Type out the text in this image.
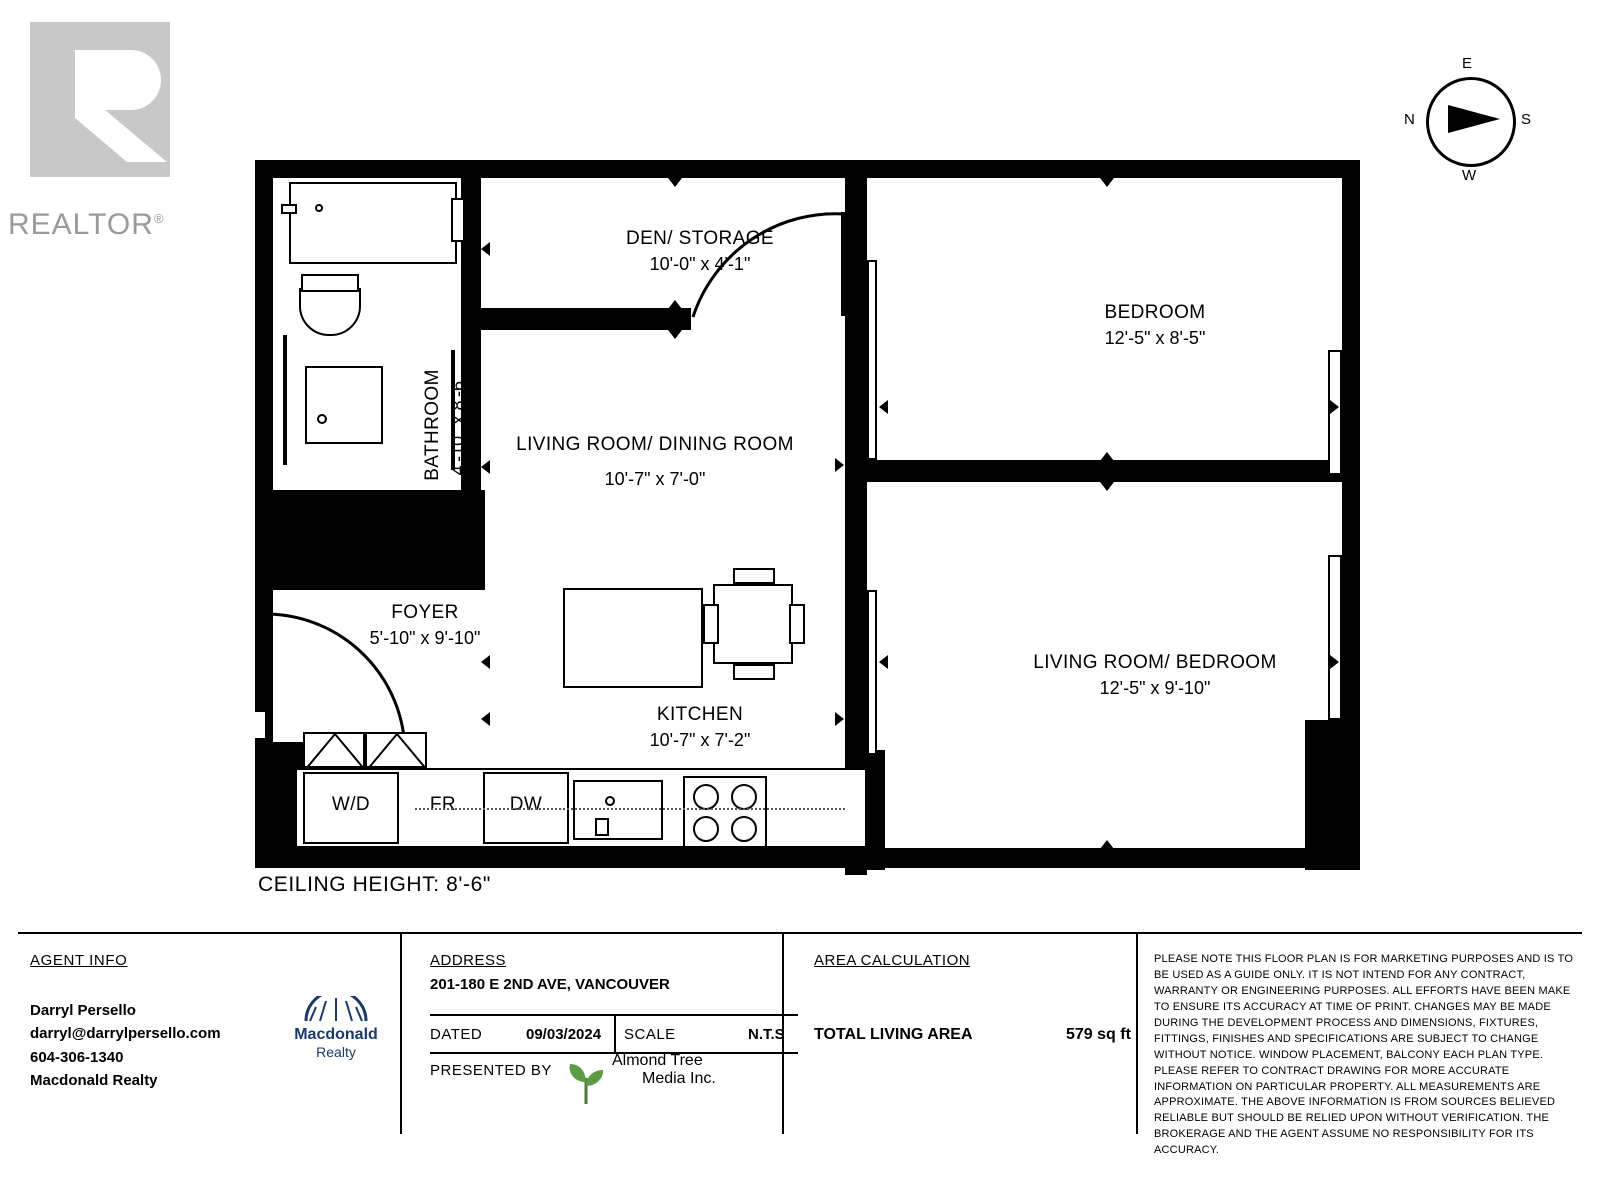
REALTOR®
N	S
E
W
W/D	FR	DW
DEN/ STORAGE
10'-0" x 4'-1"
BATHROOM 4'-10" x 8'-6"
BEDROOM
12'-5" x 8'-5"
LIVING ROOM/ DINING ROOM
10'-7" x 7'-0"
LIVING ROOM/ BEDROOM
12'-5" x 9'-10"
FOYER
5'-10" x 9'-10"
KITCHEN
10'-7" x 7'-2"
CEILING HEIGHT: 8'-6"
AGENT INFO
Darryl Persello
darryl@darrylpersello.com
604-306-1340
Macdonald Realty
Macdonald
Realty
ADDRESS
201-180 E 2ND AVE, VANCOUVER
DATED	09/03/2024 SCALE	N.T.S
PRESENTED BY
Almond Tree
Media Inc.
AREA CALCULATION
TOTAL LIVING AREA	579 sq ft
PLEASE NOTE THIS FLOOR PLAN IS FOR MARKETING PURPOSES AND IS TO BE USED AS A GUIDE ONLY. IT IS NOT INTEND FOR ANY CONTRACT, WARRANTY OR ENGINEERING PURPOSES. ALL EFFORTS HAVE BEEN MAKE TO ENSURE ITS ACCURACY AT TIME OF PRINT. CHANGES MAY BE MADE DURING THE DEVELOPMENT PROCESS AND DIMENSIONS, FIXTURES, FITTINGS, FINISHES AND SPECIFICATIONS ARE SUBJECT TO CHANGE WITHOUT NOTICE. WINDOW PLACEMENT, BALCONY EACH PLAN TYPE. PLEASE REFER TO CONTRACT DRAWING FOR MORE ACCURATE INFORMATION ON PARTICULAR PROPERTY. ALL MEASUREMENTS ARE APPROXIMATE. THE ABOVE INFORMATION IS FROM SOURCES BELIEVED RELIABLE BUT SHOULD BE RELIED UPON WITHOUT VERIFICATION. THE BROKERAGE AND THE AGENT ASSUME NO RESPONSIBILITY FOR ITS ACCURACY.
